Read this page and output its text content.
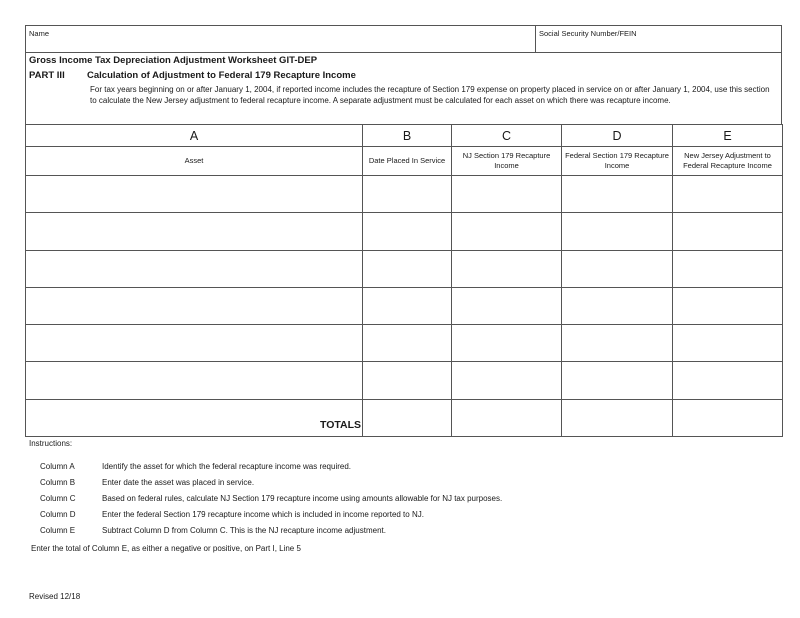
Name	Social Security Number/FEIN
Gross Income Tax Depreciation Adjustment Worksheet GIT-DEP
PART III Calculation of Adjustment to Federal 179 Recapture Income
For tax years beginning on or after January 1, 2004, if reported income includes the recapture of Section 179 expense on property placed in service on or after January 1, 2004, use this section to calculate the New Jersey adjustment to federal recapture income. A separate adjustment must be calculated for each asset on which there was recapture income.
A	B	C	D	E
Asset	Date Placed In Service	NJ Section 179 Recapture Income	Federal Section 179 Recapture Income	New Jersey Adjustment to Federal Recapture Income

TOTALS				
Instructions:
Column A	Identify the asset for which the federal recapture income was required.
Column B	Enter date the asset was placed in service.
Column C	Based on federal rules, calculate NJ Section 179 recapture income using amounts allowable for NJ tax purposes.
Column D	Enter the federal Section 179 recapture income which is included in income reported to NJ.
Column E	Subtract Column D from Column C. This is the NJ recapture income adjustment.
Enter the total of Column E, as either a negative or positive, on Part I, Line 5
Revised 12/18
